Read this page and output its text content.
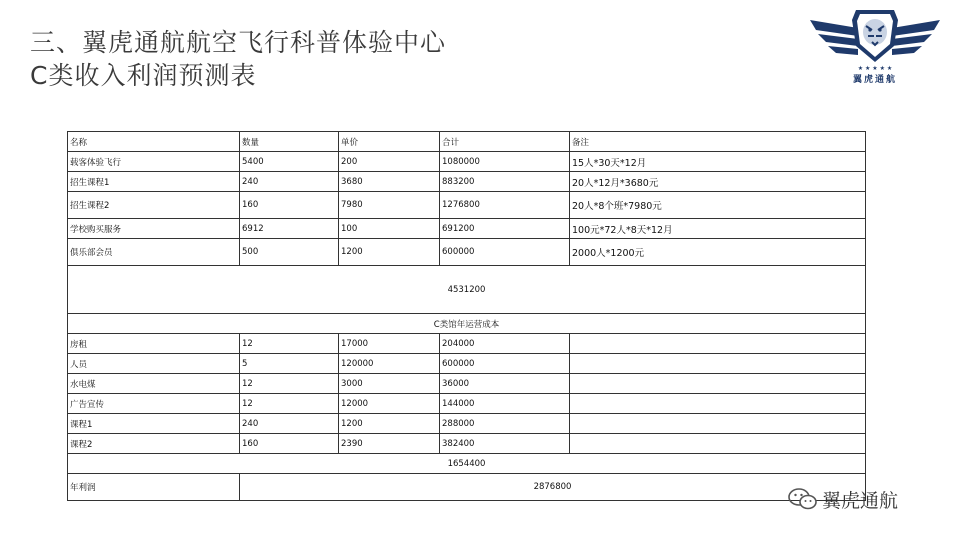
三、翼虎通航航空飞行科普体验中心
C类收入利润预测表	★ ★ ★ ★ ★
翼虎通航
名称	数量	单价	合计	备注
载客体验飞行	5400	200	1080000	15人*30天*12月
招生课程1	240	3680	883200	20人*12月*3680元
招生课程2	160	7980	1276800	20人*8个班*7980元
学校购买服务	6912	100	691200	100元*72人*8天*12月
俱乐部会员	500	1200	600000	2000人*1200元
4531200				
C类馆年运营成本				
房租	12	17000	204000	
人员	5	120000	600000	
水电煤	12	3000	36000	
广告宣传	12	12000	144000	
课程1	240	1200	288000	
课程2	160	2390	382400	
1654400				
年利润	2876800			
翼虎通航
